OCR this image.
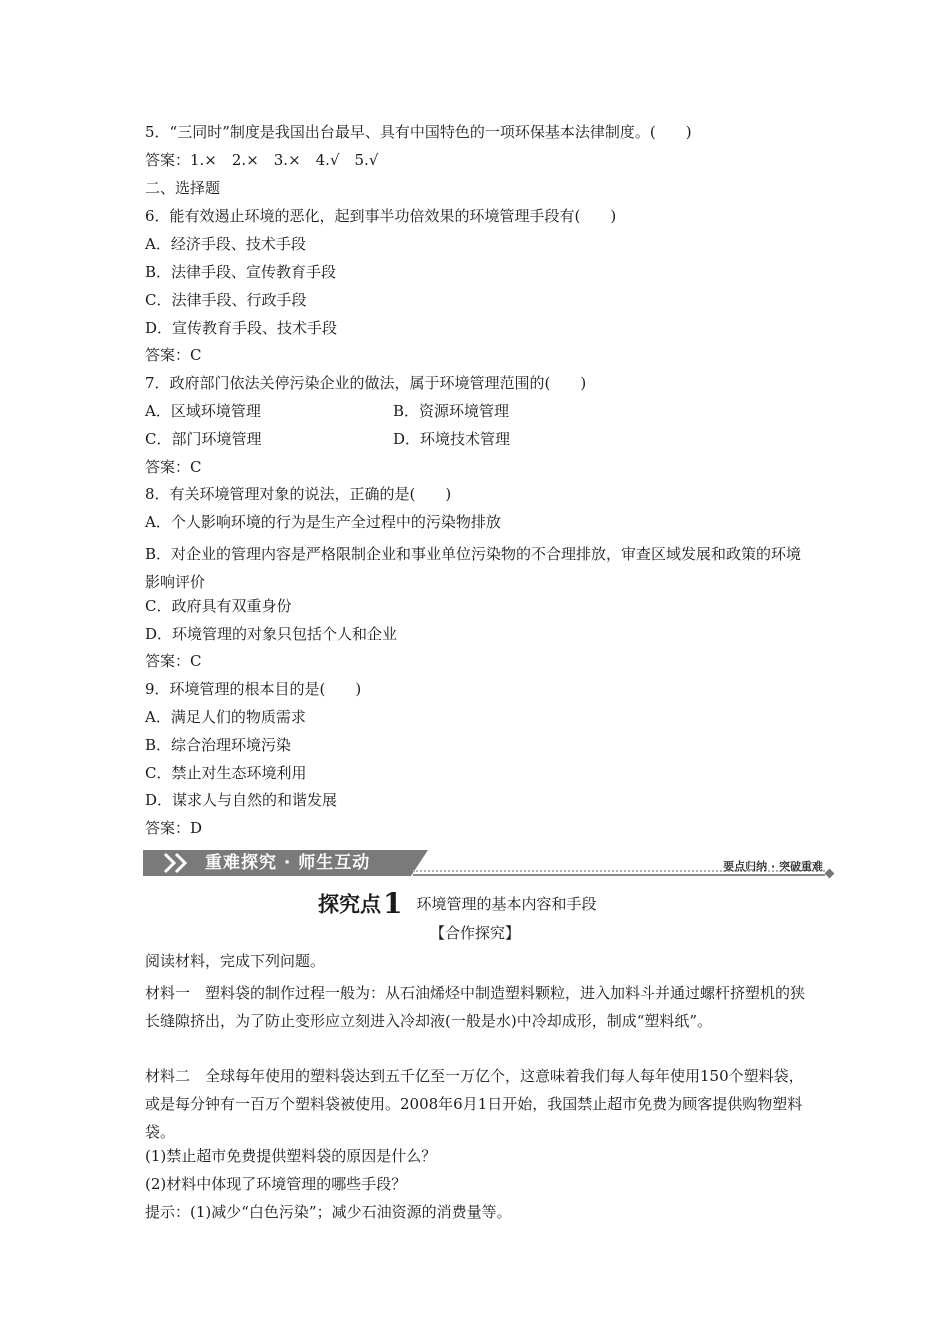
5．“三同时”制度是我国出台最早、具有中国特色的一项环保基本法律制度。(　　)
答案：1.×　2.×　3.×　4.√　5.√
二、选择题
6．能有效遏止环境的恶化，起到事半功倍效果的环境管理手段有(　　)
A．经济手段、技术手段
B．法律手段、宣传教育手段
C．法律手段、行政手段
D．宣传教育手段、技术手段
答案：C
7．政府部门依法关停污染企业的做法，属于环境管理范围的(　　)
A．区域环境管理	B．资源环境管理
C．部门环境管理	D．环境技术管理
答案：C
8．有关环境管理对象的说法，正确的是(　　)
A．个人影响环境的行为是生产全过程中的污染物排放
B．对企业的管理内容是严格限制企业和事业单位污染物的不合理排放，审查区域发展和政策的环境影响评价
C．政府具有双重身份
D．环境管理的对象只包括个人和企业
答案：C
9．环境管理的根本目的是(　　)
A．满足人们的物质需求
B．综合治理环境污染
C．禁止对生态环境利用
D．谋求人与自然的和谐发展
答案：D
重难探究 · 师生互动	要点归纳 · 突破重难
探究点1 环境管理的基本内容和手段
【合作探究】
阅读材料，完成下列问题。
材料一　塑料袋的制作过程一般为：从石油烯烃中制造塑料颗粒，进入加料斗并通过螺杆挤塑机的狭长缝隙挤出，为了防止变形应立刻进入冷却液(一般是水)中冷却成形，制成“塑料纸”。
材料二　全球每年使用的塑料袋达到五千亿至一万亿个，这意味着我们每人每年使用150个塑料袋，或是每分钟有一百万个塑料袋被使用。2008年6月1日开始，我国禁止超市免费为顾客提供购物塑料袋。
(1)禁止超市免费提供塑料袋的原因是什么？
(2)材料中体现了环境管理的哪些手段？
提示：(1)减少“白色污染”；减少石油资源的消费量等。
